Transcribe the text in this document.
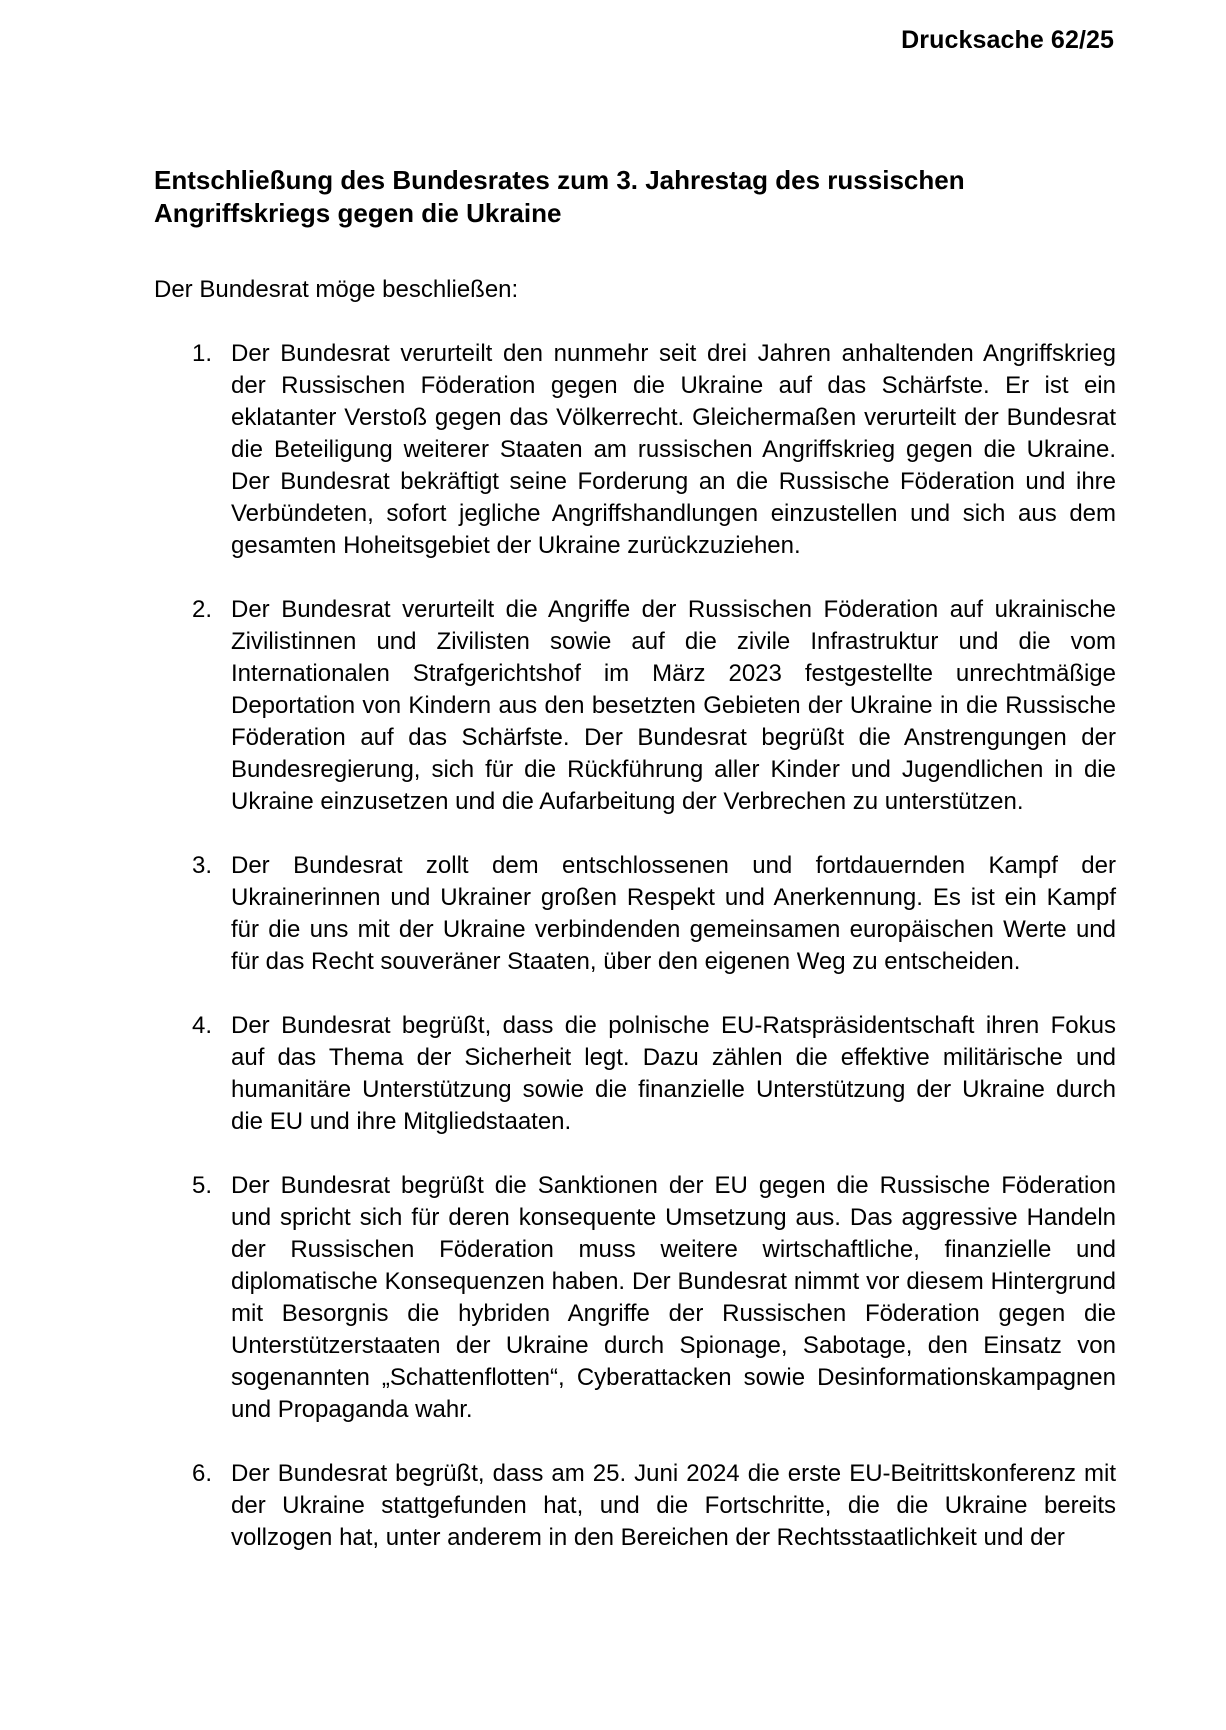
Drucksache 62/25
Entschließung des Bundesrates zum 3. Jahrestag des russischen Angriffskriegs gegen die Ukraine

Der Bundesrat möge beschließen:

1. Der Bundesrat verurteilt den nunmehr seit drei Jahren anhaltenden Angriffskrieg der Russischen Föderation gegen die Ukraine auf das Schärfste. Er ist ein eklatanter Verstoß gegen das Völkerrecht. Gleichermaßen verurteilt der Bundesrat die Beteiligung weiterer Staaten am russischen Angriffskrieg gegen die Ukraine. Der Bundesrat bekräftigt seine Forderung an die Russische Föderation und ihre Verbündeten, sofort jegliche Angriffshandlungen einzustellen und sich aus dem gesamten Hoheitsgebiet der Ukraine zurückzuziehen.
2. Der Bundesrat verurteilt die Angriffe der Russischen Föderation auf ukrainische Zivilistinnen und Zivilisten sowie auf die zivile Infrastruktur und die vom Internationalen Strafgerichtshof im März 2023 festgestellte unrechtmäßige Deportation von Kindern aus den besetzten Gebieten der Ukraine in die Russische Föderation auf das Schärfste. Der Bundesrat begrüßt die Anstrengungen der Bundesregierung, sich für die Rückführung aller Kinder und Jugendlichen in die Ukraine einzusetzen und die Aufarbeitung der Verbrechen zu unterstützen.
3. Der Bundesrat zollt dem entschlossenen und fortdauernden Kampf der Ukrainerinnen und Ukrainer großen Respekt und Anerkennung. Es ist ein Kampf für die uns mit der Ukraine verbindenden gemeinsamen europäischen Werte und für das Recht souveräner Staaten, über den eigenen Weg zu entscheiden.
4. Der Bundesrat begrüßt, dass die polnische EU-Ratspräsidentschaft ihren Fokus auf das Thema der Sicherheit legt. Dazu zählen die effektive militärische und humanitäre Unterstützung sowie die finanzielle Unterstützung der Ukraine durch die EU und ihre Mitgliedstaaten.
5. Der Bundesrat begrüßt die Sanktionen der EU gegen die Russische Föderation und spricht sich für deren konsequente Umsetzung aus. Das aggressive Handeln der Russischen Föderation muss weitere wirtschaftliche, finanzielle und diplomatische Konsequenzen haben. Der Bundesrat nimmt vor diesem Hintergrund mit Besorgnis die hybriden Angriffe der Russischen Föderation gegen die Unterstützerstaaten der Ukraine durch Spionage, Sabotage, den Einsatz von sogenannten „Schattenflotten“, Cyberattacken sowie Desinformationskampagnen und Propaganda wahr.
6. Der Bundesrat begrüßt, dass am 25. Juni 2024 die erste EU-Beitrittskonferenz mit der Ukraine stattgefunden hat, und die Fortschritte, die die Ukraine bereits vollzogen hat, unter anderem in den Bereichen der Rechtsstaatlichkeit und der
